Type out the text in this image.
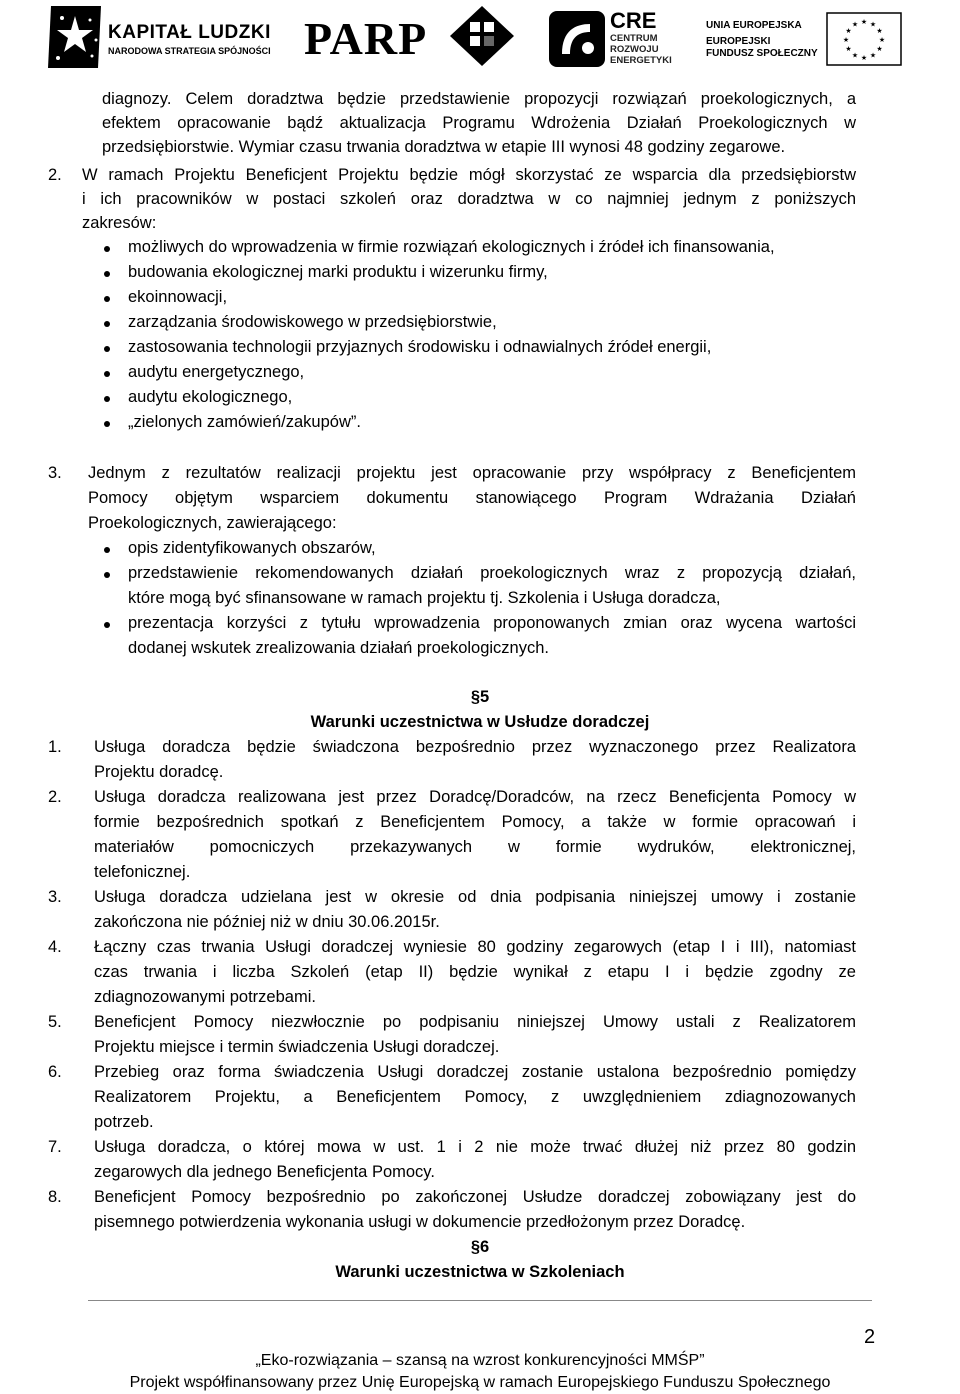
KAPITAŁ LUDZKI
NARODOWA STRATEGIA SPÓJNOŚCI PARP	CRE
CENTRUM
ROZWOJU
ENERGETYKI
UNIA EUROPEJSKA
EUROPEJSKI
FUNDUSZ SPOŁECZNY
★ ★
★
★
★
★
★
★
★
★
★
★
diagnozy. Celem doradztwa będzie przedstawienie propozycji rozwiązań proekologicznych, a
efektem opracowanie bądź aktualizacja Programu Wdrożenia Działań Proekologicznych w
przedsiębiorstwie. Wymiar czasu trwania doradztwa w etapie III wynosi 48 godziny zegarowe.
2. W ramach Projektu Beneficjent Projektu będzie mógł skorzystać ze wsparcia dla przedsiębiorstw
i ich pracowników w postaci szkoleń oraz doradztwa w co najmniej jednym z poniższych
zakresów:
możliwych do wprowadzenia w firmie rozwiązań ekologicznych i źródeł ich finansowania,
budowania ekologicznej marki produktu i wizerunku firmy,
ekoinnowacji,
zarządzania środowiskowego w przedsiębiorstwie,
zastosowania technologii przyjaznych środowisku i odnawialnych źródeł energii,
audytu energetycznego,
audytu ekologicznego,
„zielonych zamówień/zakupów”.
3. Jednym z rezultatów realizacji projektu jest opracowanie przy współpracy z Beneficjentem
Pomocy objętym wsparciem dokumentu stanowiącego Program Wdrażania Działań
Proekologicznych, zawierającego:
opis zidentyfikowanych obszarów,
przedstawienie rekomendowanych działań proekologicznych wraz z propozycją działań,
które mogą być sfinansowane w ramach projektu tj. Szkolenia i Usługa doradcza,
prezentacja korzyści z tytułu wprowadzenia proponowanych zmian oraz wycena wartości
dodanej wskutek zrealizowania działań proekologicznych.
§5
Warunki uczestnictwa w Usłudze doradczej
1. Usługa doradcza będzie świadczona bezpośrednio przez wyznaczonego przez Realizatora
Projektu doradcę.
2. Usługa doradcza realizowana jest przez Doradcę/Doradców, na rzecz Beneficjenta Pomocy w
formie bezpośrednich spotkań z Beneficjentem Pomocy, a także w formie opracowań i
materiałów pomocniczych przekazywanych w formie wydruków, elektronicznej,
telefonicznej.
3. Usługa doradcza udzielana jest w okresie od dnia podpisania niniejszej umowy i zostanie
zakończona nie później niż w dniu 30.06.2015r.
4. Łączny czas trwania Usługi doradczej wyniesie 80 godziny zegarowych (etap I i III), natomiast
czas trwania i liczba Szkoleń (etap II) będzie wynikał z etapu I i będzie zgodny ze
zdiagnozowanymi potrzebami.
5. Beneficjent Pomocy niezwłocznie po podpisaniu niniejszej Umowy ustali z Realizatorem
Projektu miejsce i termin świadczenia Usługi doradczej.
6. Przebieg oraz forma świadczenia Usługi doradczej zostanie ustalona bezpośrednio pomiędzy
Realizatorem Projektu, a Beneficjentem Pomocy, z uwzględnieniem zdiagnozowanych
potrzeb.
7. Usługa doradcza, o której mowa w ust. 1 i 2 nie może trwać dłużej niż przez 80 godzin
zegarowych dla jednego Beneficjenta Pomocy.
8. Beneficjent Pomocy bezpośrednio po zakończonej Usłudze doradczej zobowiązany jest do
pisemnego potwierdzenia wykonania usługi w dokumencie przedłożonym przez Doradcę.
§6
Warunki uczestnictwa w Szkoleniach
2
„Eko-rozwiązania – szansą na wzrost konkurencyjności MMŚP”
Projekt współfinansowany przez Unię Europejską w ramach Europejskiego Funduszu Społecznego
